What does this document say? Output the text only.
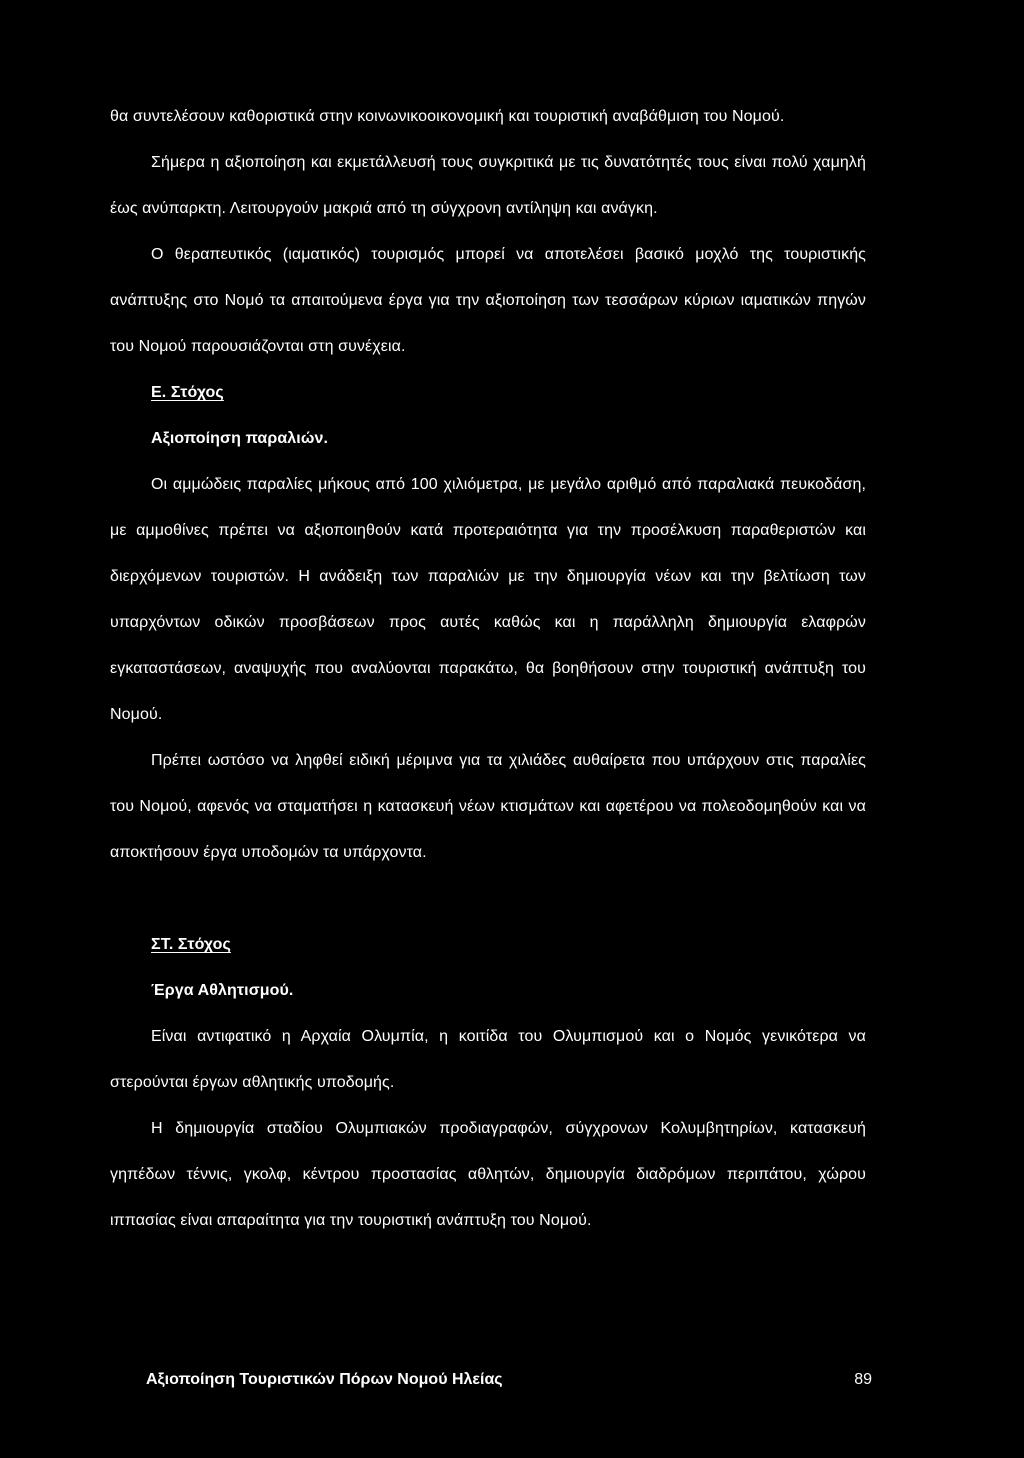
θα συντελέσουν καθοριστικά στην κοινωνικοοικονομική και τουριστική αναβάθμιση του Νομού.

Σήμερα η αξιοποίηση και εκμετάλλευσή τους συγκριτικά με τις δυνατότητές τους είναι πολύ χαμηλή έως ανύπαρκτη. Λειτουργούν μακριά από τη σύγχρονη αντίληψη και ανάγκη.

Ο θεραπευτικός (ιαματικός) τουρισμός μπορεί να αποτελέσει βασικό μοχλό της τουριστικής ανάπτυξης στο Νομό τα απαιτούμενα έργα για την αξιοποίηση των τεσσάρων κύριων ιαματικών πηγών του Νομού παρουσιάζονται στη συνέχεια.

Ε. Στόχος
Αξιοποίηση παραλιών.

Οι αμμώδεις παραλίες μήκους από 100 χιλιόμετρα, με μεγάλο αριθμό από παραλιακά πευκοδάση, με αμμοθίνες πρέπει να αξιοποιηθούν κατά προτεραιότητα για την προσέλκυση παραθεριστών και διερχόμενων τουριστών. Η ανάδειξη των παραλιών με την δημιουργία νέων και την βελτίωση των υπαρχόντων οδικών προσβάσεων προς αυτές καθώς και η παράλληλη δημιουργία ελαφρών εγκαταστάσεων, αναψυχής που αναλύονται παρακάτω, θα βοηθήσουν στην τουριστική ανάπτυξη του Νομού.

Πρέπει ωστόσο να ληφθεί ειδική μέριμνα για τα χιλιάδες αυθαίρετα που υπάρχουν στις παραλίες του Νομού, αφενός να σταματήσει η κατασκευή νέων κτισμάτων και αφετέρου να πολεοδομηθούν και να αποκτήσουν έργα υποδομών τα υπάρχοντα.

ΣΤ. Στόχος
Έργα Αθλητισμού.

Είναι αντιφατικό η Αρχαία Ολυμπία, η κοιτίδα του Ολυμπισμού και ο Νομός γενικότερα να στερούνται έργων αθλητικής υποδομής.

Η δημιουργία σταδίου Ολυμπιακών προδιαγραφών, σύγχρονων Κολυμβητηρίων, κατασκευή γηπέδων τέννις, γκολφ, κέντρου προστασίας αθλητών, δημιουργία διαδρόμων περιπάτου, χώρου ιππασίας είναι απαραίτητα για την τουριστική ανάπτυξη του Νομού.

Αξιοποίηση Τουριστικών Πόρων Νομού Ηλείας	89
